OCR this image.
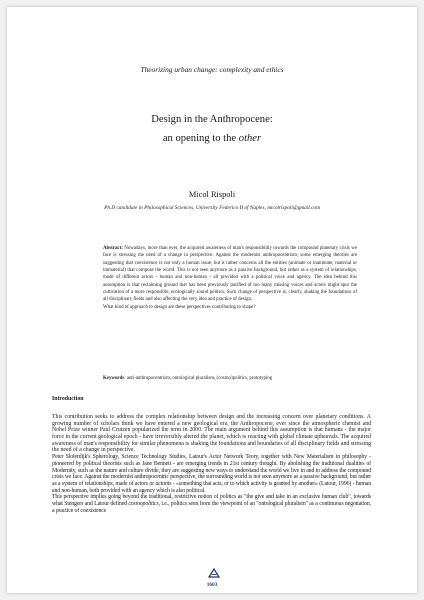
Theorizing urban change: complexity and ethics
Design in the Anthropocene:
an opening to the other
Micol Rispoli
Ph.D candidate in Philosophical Sciences, University Federico II of Naples, micolrispoli@gmail.com
Abstract: Nowadays, more than ever, the acquired awareness of man's responsibility towards the compound planetary crisis we face is stressing the need of a change in perspective. Against the modernist anthropocentrism, some emerging theories are suggesting that coexistence is not only a human issue, but it rather concerns all the entities (animate or inanimate, material or immaterial) that compose the world. This is not seen anymore as a passive background, but rather as a system of relationships, made of different actors - human and non-human - all provided with a political voice and agency. The idea behind this assumption is that reclaiming ground that has been previously purified of too many missing voices and actors might spur the cultivation of a more responsible, ecologically sound politics. Such change of perspective is, clearly, shaking the foundations of all disciplinary fields and also affecting the very idea and practice of design.
What kind of approach to design are these perspectives contributing to shape?
Keywords: anti-anthropocentrism, ontological pluralism, (cosmo)politics, prototyping
Introduction

This contribution seeks to address the complex relationship between design and the increasing concern over planetary conditions. A growing number of scholars think we have entered a new geological era, the Anthropocene, ever since the atmospheric chemist and Nobel Prize winner Paul Crutzen popularized the term in 2000. The main argument behind this assumption is that humans - the major force in the current geological epoch - have irreversibly altered the planet, which is reacting with global climate upheavals. The acquired awareness of man's responsibility for similar phenomena is shaking the foundations and boundaries of all disciplinary fields and stressing the need of a change in perspective.

Peter Sloterdijk's Spherology, Science Technology Studies, Latour's Actor Network Teory, together with New Materialism in philosophy - pioneered by political theorists such as Jane Bennett - are emerging trends in 21st century thought. By abolishing the traditional dualities of Modernity, such as the nature and culture divide, they are suggesting new ways to understand the world we live in and to address the compound crisis we face. Against the modernist anthropocentric perspective, the surrounding world is not seen anymore as a passive background, but rather as a system of relationships, made of actors or actants - «something that acts, or to which activity is granted by another» (Latour, 1996) - human and non-human, both provided with an agency which is also political.

This perspective implies going beyond the traditional, restrictive notion of politics as "the give and take in an exclusive human club", towards what Stengers and Latour defined cosmopolitics, i.e., politics seen from the viewpoint of an "ontological pluralism" as a continuous negotiation, a practice of coexistence

1603
